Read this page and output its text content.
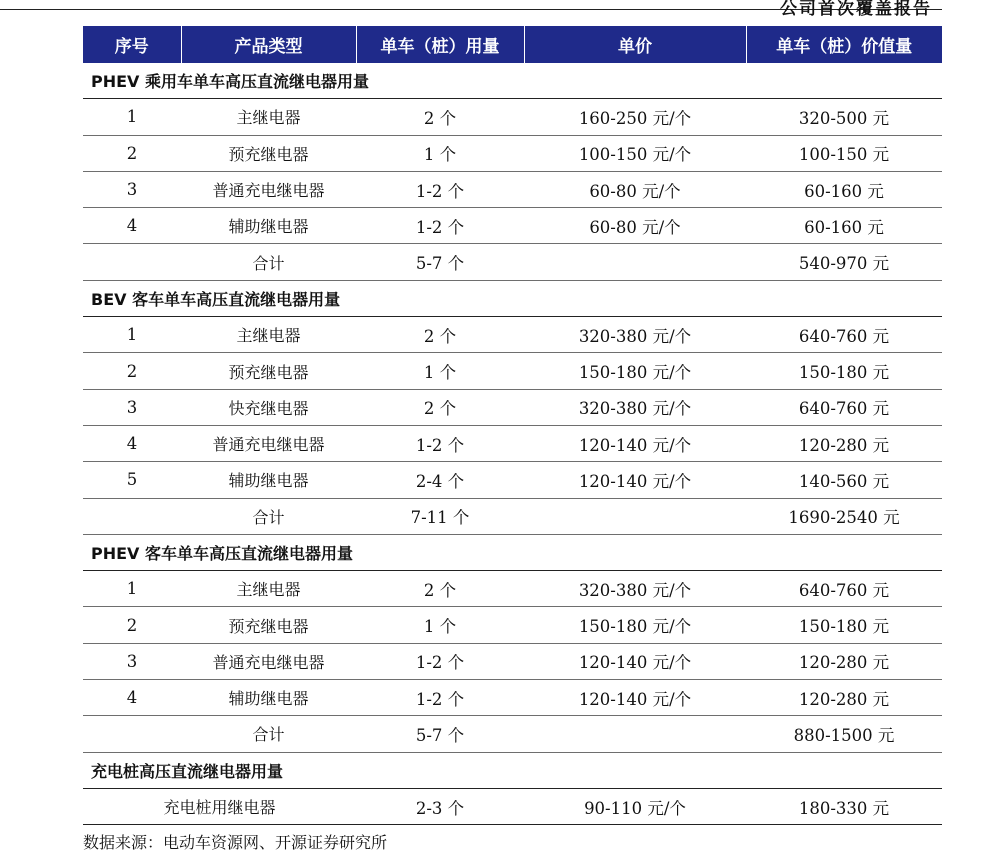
公司首次覆盖报告
序号	产品类型	单车（桩）用量	单价	单车（桩）价值量
PHEV 乘用车单车高压直流继电器用量				
1	主继电器	2 个	160-250 元/个	320-500 元
2	预充继电器	1 个	100-150 元/个	100-150 元
3	普通充电继电器	1-2 个	60-80 元/个	60-160 元
4	辅助继电器	1-2 个	60-80 元/个	60-160 元
	合计	5-7 个		540-970 元
BEV 客车单车高压直流继电器用量				
1	主继电器	2 个	320-380 元/个	640-760 元
2	预充继电器	1 个	150-180 元/个	150-180 元
3	快充继电器	2 个	320-380 元/个	640-760 元
4	普通充电继电器	1-2 个	120-140 元/个	120-280 元
5	辅助继电器	2-4 个	120-140 元/个	140-560 元
	合计	7-11 个		1690-2540 元
PHEV 客车单车高压直流继电器用量				
1	主继电器	2 个	320-380 元/个	640-760 元
2	预充继电器	1 个	150-180 元/个	150-180 元
3	普通充电继电器	1-2 个	120-140 元/个	120-280 元
4	辅助继电器	1-2 个	120-140 元/个	120-280 元
	合计	5-7 个		880-1500 元
充电桩高压直流继电器用量				
充电桩用继电器		2-3 个	90-110 元/个	180-330 元
数据来源：电动车资源网、开源证券研究所
